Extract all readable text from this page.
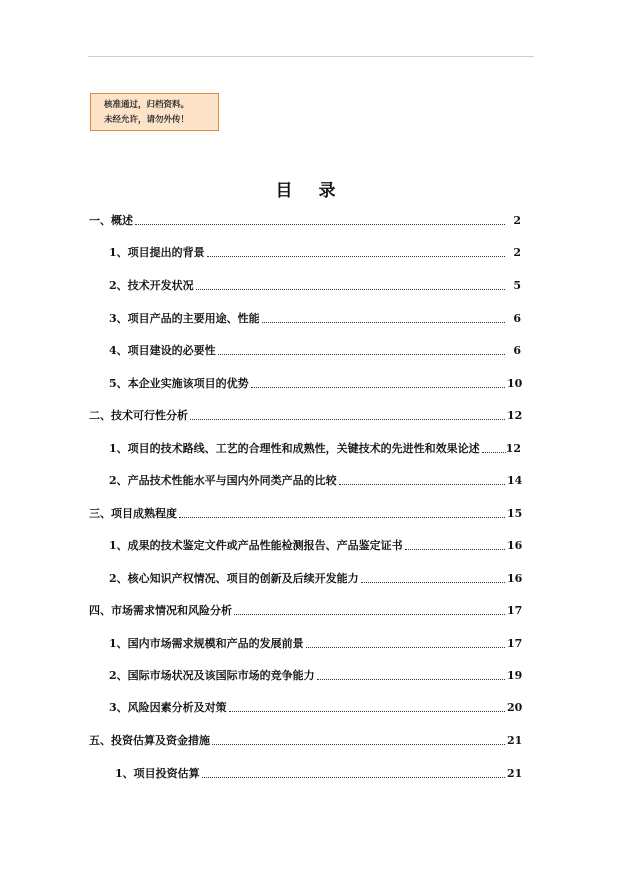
核准通过，归档资料。
未经允许，请勿外传！
目 录
一、概述	2
1、项目提出的背景	2
2、技术开发状况	5
3、项目产品的主要用途、性能	6
4、项目建设的必要性	6
5、本企业实施该项目的优势	10
二、技术可行性分析	12
1、项目的技术路线、工艺的合理性和成熟性，关键技术的先进性和效果论述 12
2、产品技术性能水平与国内外同类产品的比较	14
三、项目成熟程度	15
1、成果的技术鉴定文件或产品性能检测报告、产品鉴定证书	16
2、核心知识产权情况、项目的创新及后续开发能力	16
四、市场需求情况和风险分析	17
1、国内市场需求规模和产品的发展前景	17
2、国际市场状况及该国际市场的竞争能力	19
3、风险因素分析及对策	20
五、投资估算及资金措施	21
1、项目投资估算	21
